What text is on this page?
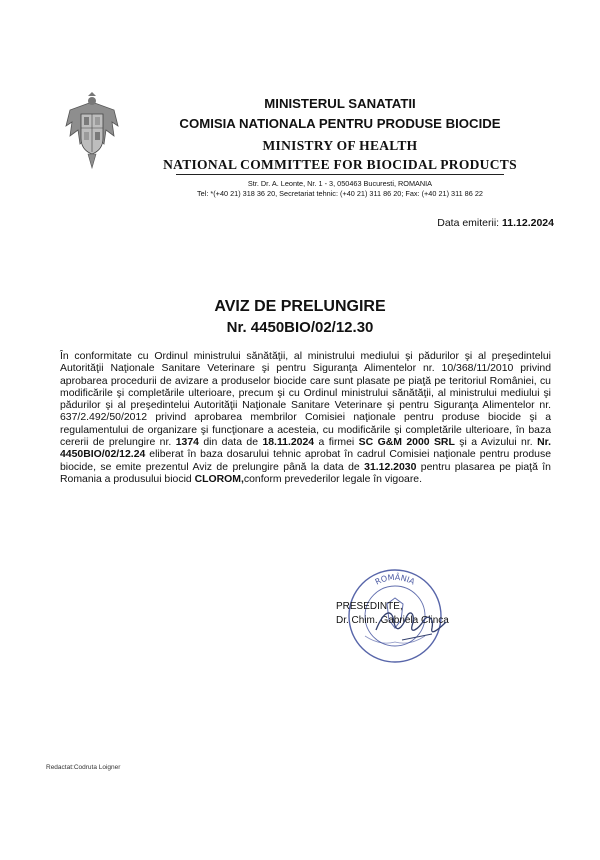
MINISTERUL SANATATII
COMISIA NATIONALA PENTRU PRODUSE BIOCIDE
MINISTRY OF HEALTH
NATIONAL COMMITTEE FOR BIOCIDAL PRODUCTS
Str. Dr. A. Leonte, Nr. 1 - 3, 050463 Bucuresti, ROMANIA
Tel: *(+40 21) 318 36 20, Secretariat tehnic: (+40 21) 311 86 20; Fax: (+40 21) 311 86 22
Data emiterii: 11.12.2024
AVIZ DE PRELUNGIRE
Nr. 4450BIO/02/12.30
În conformitate cu Ordinul ministrului sănătăţii, al ministrului mediului şi pădurilor şi al preşedintelui Autorităţii Naţionale Sanitare Veterinare şi pentru Siguranţa Alimentelor nr. 10/368/11/2010 privind aprobarea procedurii de avizare a produselor biocide care sunt plasate pe piaţă pe teritoriul României, cu modificările şi completările ulterioare, precum şi cu Ordinul ministrului sănătăţii, al ministrului mediului şi pădurilor şi al preşedintelui Autorităţii Naţionale Sanitare Veterinare şi pentru Siguranţa Alimentelor nr. 637/2.492/50/2012 privind aprobarea membrilor Comisiei naţionale pentru produse biocide şi a regulamentului de organizare şi funcţionare a acesteia, cu modificările şi completările ulterioare, în baza cererii de prelungire nr. 1374 din data de 18.11.2024 a firmei SC G&M 2000 SRL şi a Avizului nr. Nr. 4450BIO/02/12.24 eliberat în baza dosarului tehnic aprobat în cadrul Comisiei naţionale pentru produse biocide, se emite prezentul Aviz de prelungire până la data de 31.12.2030 pentru plasarea pe piaţă în Romania a produsului biocid CLOROM,conform prevederilor legale în vigoare.
ROMÂNIA
PRESEDINTE,
Dr. Chim. Gabriela Clinca
Redactat:Codruta Loigner
